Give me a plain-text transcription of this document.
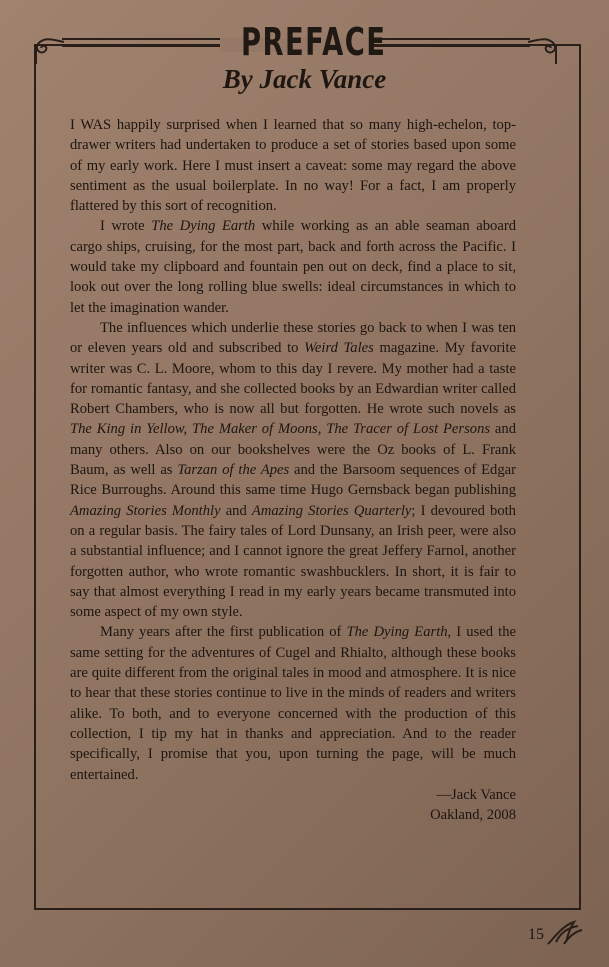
PREFACE
By Jack Vance

I WAS happily surprised when I learned that so many high-echelon, top-drawer writers had undertaken to produce a set of stories based upon some of my early work. Here I must insert a caveat: some may regard the above sentiment as the usual boilerplate. In no way! For a fact, I am properly flattered by this sort of recognition.

I wrote The Dying Earth while working as an able seaman aboard cargo ships, cruising, for the most part, back and forth across the Pacific. I would take my clipboard and fountain pen out on deck, find a place to sit, look out over the long rolling blue swells: ideal circumstances in which to let the imagination wander.

The influences which underlie these stories go back to when I was ten or eleven years old and subscribed to Weird Tales magazine. My favorite writer was C. L. Moore, whom to this day I revere. My mother had a taste for romantic fantasy, and she collected books by an Edwardian writer called Robert Chambers, who is now all but forgotten. He wrote such novels as The King in Yellow, The Maker of Moons, The Tracer of Lost Persons and many others. Also on our bookshelves were the Oz books of L. Frank Baum, as well as Tarzan of the Apes and the Barsoom sequences of Edgar Rice Burroughs. Around this same time Hugo Gernsback began publishing Amazing Stories Monthly and Amazing Stories Quarterly; I devoured both on a regular basis. The fairy tales of Lord Dunsany, an Irish peer, were also a substantial influence; and I cannot ignore the great Jeffery Farnol, another forgotten author, who wrote romantic swashbucklers. In short, it is fair to say that almost everything I read in my early years became transmuted into some aspect of my own style.

Many years after the first publication of The Dying Earth, I used the same setting for the adventures of Cugel and Rhialto, although these books are quite different from the original tales in mood and atmosphere. It is nice to hear that these stories continue to live in the minds of readers and writers alike. To both, and to everyone concerned with the production of this collection, I tip my hat in thanks and appreciation. And to the reader specifically, I promise that you, upon turning the page, will be much entertained.

—Jack Vance
Oakland, 2008
15
